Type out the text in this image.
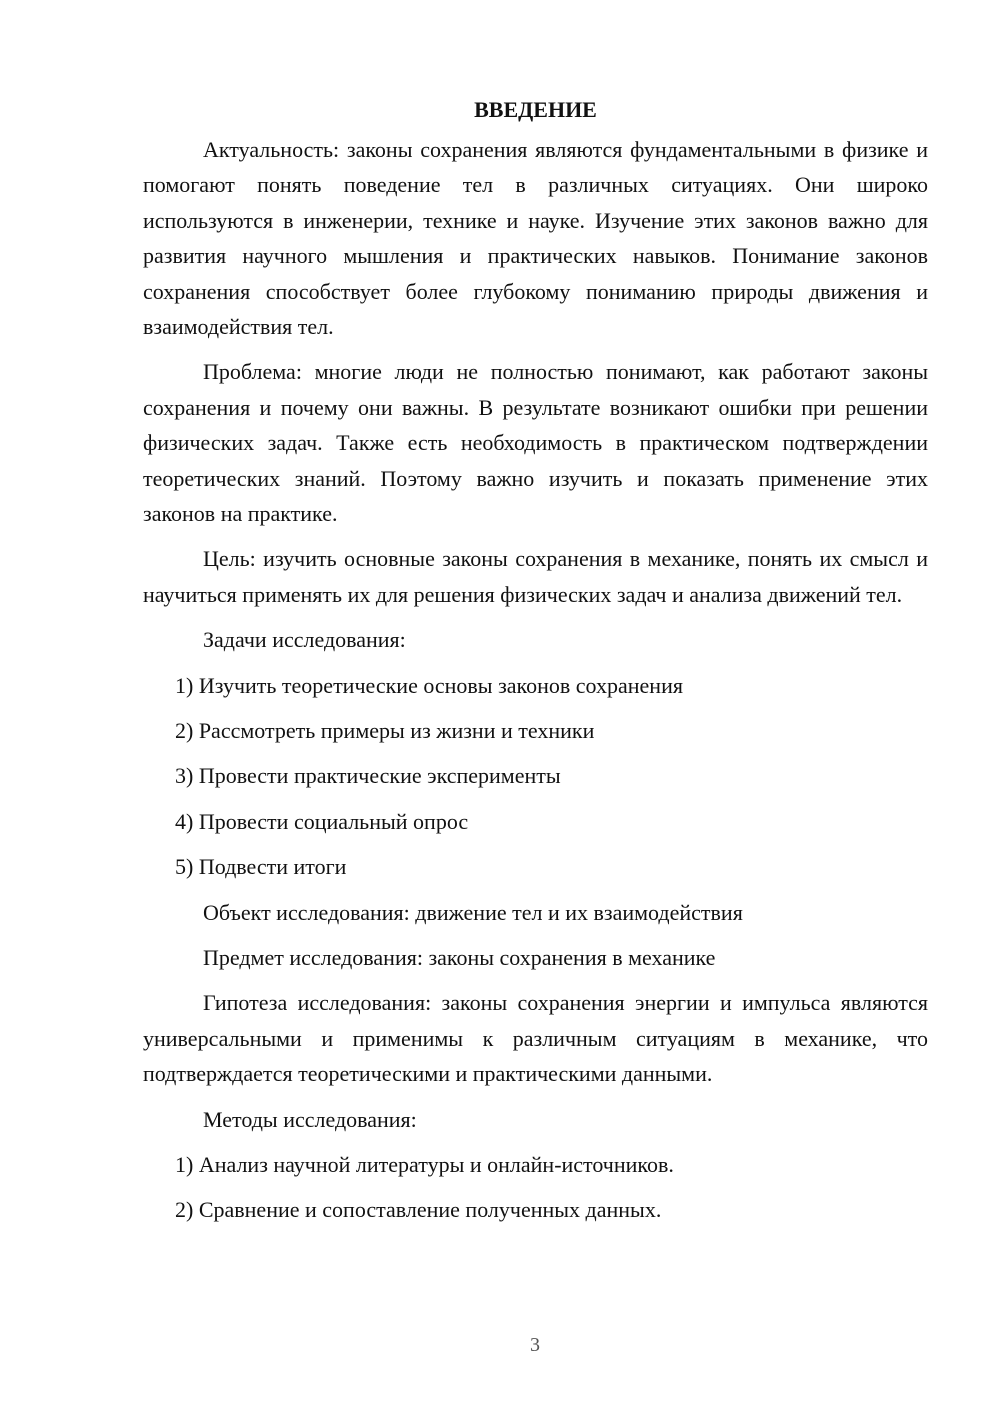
ВВЕДЕНИЕ

Актуальность: законы сохранения являются фундаментальными в физике и помогают понять поведение тел в различных ситуациях. Они широко используются в инженерии, технике и науке. Изучение этих законов важно для развития научного мышления и практических навыков. Понимание законов сохранения способствует более глубокому пониманию природы движения и взаимодействия тел.

Проблема: многие люди не полностью понимают, как работают законы сохранения и почему они важны. В результате возникают ошибки при решении физических задач. Также есть необходимость в практическом подтверждении теоретических знаний. Поэтому важно изучить и показать применение этих законов на практике.

Цель: изучить основные законы сохранения в механике, понять их смысл и научиться применять их для решения физических задач и анализа движений тел.

Задачи исследования:
1) Изучить теоретические основы законов сохранения
2) Рассмотреть примеры из жизни и техники
3) Провести практические эксперименты
4) Провести социальный опрос
5) Подвести итоги
Объект исследования: движение тел и их взаимодействия
Предмет исследования: законы сохранения в механике

Гипотеза исследования: законы сохранения энергии и импульса являются универсальными и применимы к различным ситуациям в механике, что подтверждается теоретическими и практическими данными.

Методы исследования:
1) Анализ научной литературы и онлайн-источников.
2) Сравнение и сопоставление полученных данных.
3
